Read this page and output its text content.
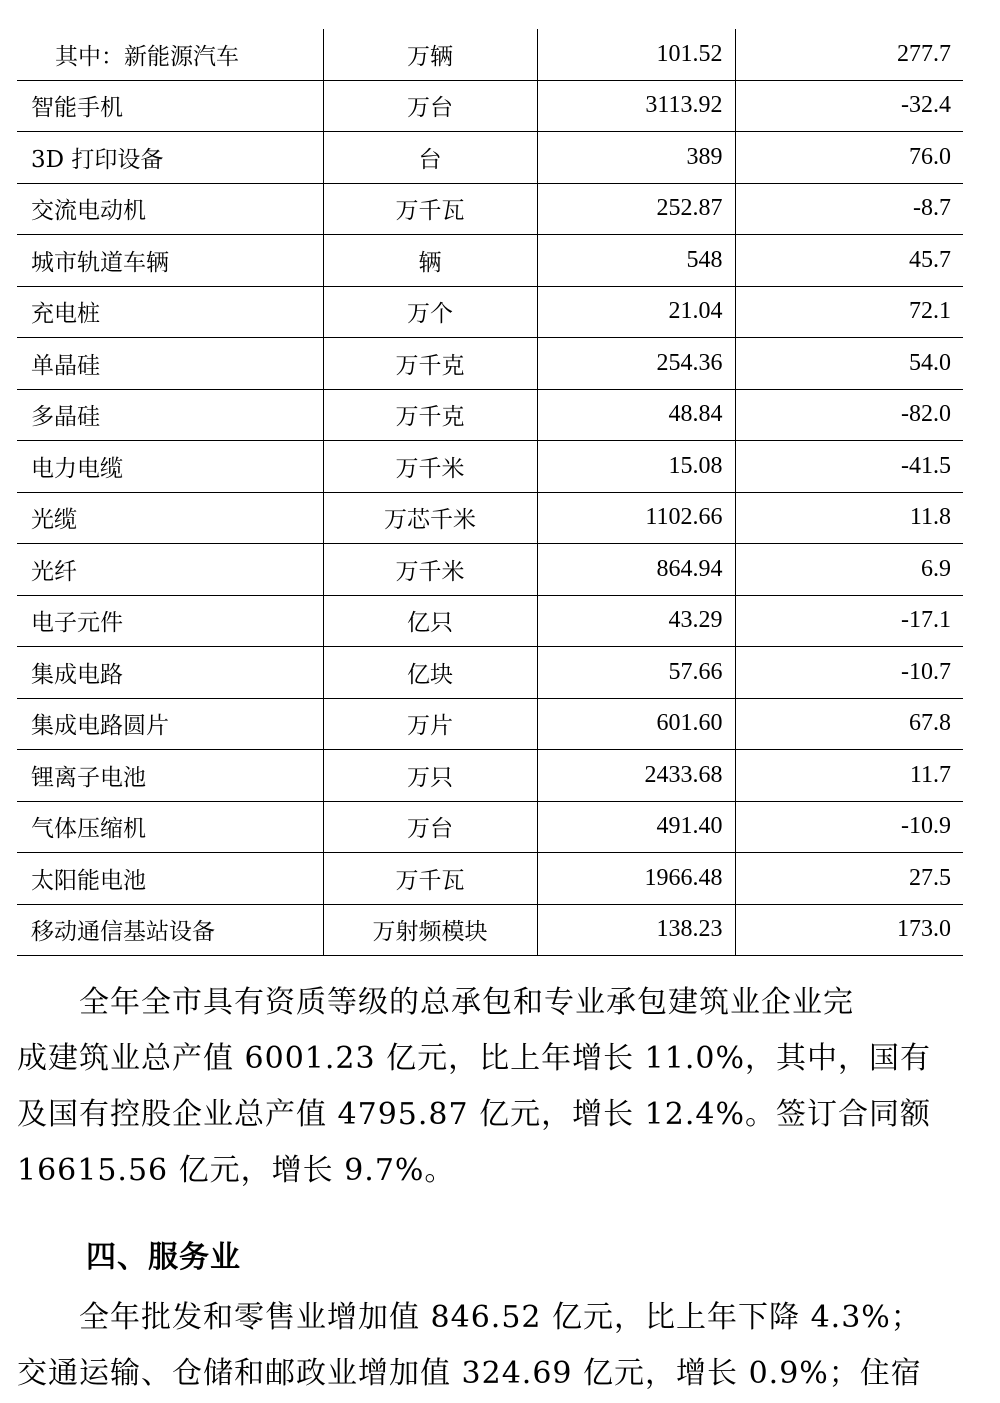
其中：新能源汽车	万辆	101.52	277.7
智能手机	万台	3113.92	-32.4
3D 打印设备	台	389	76.0
交流电动机	万千瓦	252.87	-8.7
城市轨道车辆	辆	548	45.7
充电桩	万个	21.04	72.1
单晶硅	万千克	254.36	54.0
多晶硅	万千克	48.84	-82.0
电力电缆	万千米	15.08	-41.5
光缆	万芯千米	1102.66	11.8
光纤	万千米	864.94	6.9
电子元件	亿只	43.29	-17.1
集成电路	亿块	57.66	-10.7
集成电路圆片	万片	601.60	67.8
锂离子电池	万只	2433.68	11.7
气体压缩机	万台	491.40	-10.9
太阳能电池	万千瓦	1966.48	27.5
移动通信基站设备	万射频模块	138.23	173.0

　　全年全市具有资质等级的总承包和专业承包建筑业企业完
成建筑业总产值 6001.23 亿元，比上年增长 11.0%，其中，国有
及国有控股企业总产值 4795.87 亿元，增长 12.4%。签订合同额
16615.56 亿元，增长 9.7%。

四、服务业

　　全年批发和零售业增加值 846.52 亿元，比上年下降 4.3%；
交通运输、仓储和邮政业增加值 324.69 亿元，增长 0.9%；住宿
